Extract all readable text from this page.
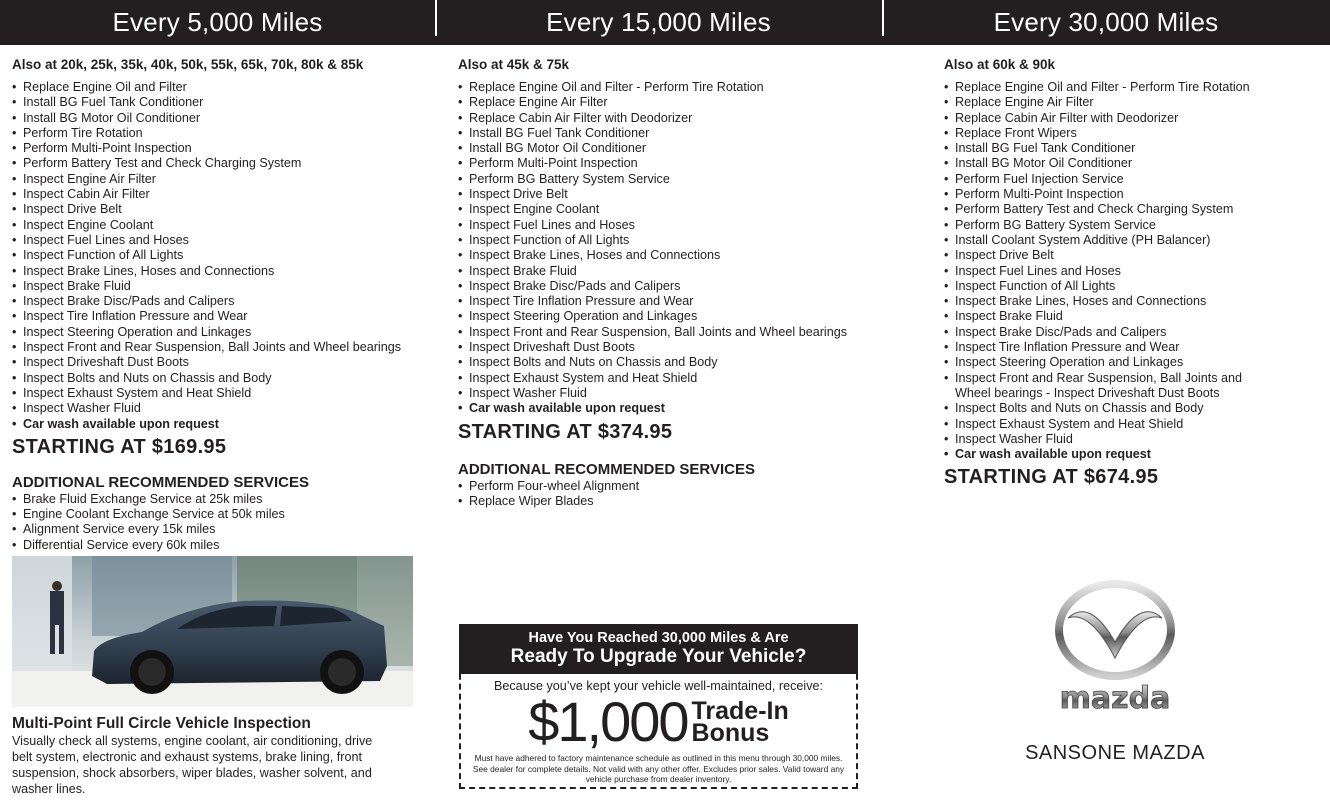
Every 5,000 Miles	Every 15,000 Miles	Every 30,000 Miles
Also at 20k, 25k, 35k, 40k, 50k, 55k, 65k, 70k, 80k & 85k
• Replace Engine Oil and Filter
• Install BG Fuel Tank Conditioner
• Install BG Motor Oil Conditioner
• Perform Tire Rotation
• Perform Multi-Point Inspection
• Perform Battery Test and Check Charging System
• Inspect Engine Air Filter
• Inspect Cabin Air Filter
• Inspect Drive Belt
• Inspect Engine Coolant
• Inspect Fuel Lines and Hoses
• Inspect Function of All Lights
• Inspect Brake Lines, Hoses and Connections
• Inspect Brake Fluid
• Inspect Brake Disc/Pads and Calipers
• Inspect Tire Inflation Pressure and Wear
• Inspect Steering Operation and Linkages
• Inspect Front and Rear Suspension, Ball Joints and Wheel bearings
• Inspect Driveshaft Dust Boots
• Inspect Bolts and Nuts on Chassis and Body
• Inspect Exhaust System and Heat Shield
• Inspect Washer Fluid
• Car wash available upon request
STARTING AT $169.95
ADDITIONAL RECOMMENDED SERVICES
• Brake Fluid Exchange Service at 25k miles
• Engine Coolant Exchange Service at 50k miles
• Alignment Service every 15k miles
• Differential Service every 60k miles
Multi-Point Full Circle Vehicle Inspection
Visually check all systems, engine coolant, air conditioning, drive belt system, electronic and exhaust systems, brake lining, front suspension, shock absorbers, wiper blades, washer solvent, and washer lines.
Also at 45k & 75k
• Replace Engine Oil and Filter - Perform Tire Rotation
• Replace Engine Air Filter
• Replace Cabin Air Filter with Deodorizer
• Install BG Fuel Tank Conditioner
• Install BG Motor Oil Conditioner
• Perform Multi-Point Inspection
• Perform BG Battery System Service
• Inspect Drive Belt
• Inspect Engine Coolant
• Inspect Fuel Lines and Hoses
• Inspect Function of All Lights
• Inspect Brake Lines, Hoses and Connections
• Inspect Brake Fluid
• Inspect Brake Disc/Pads and Calipers
• Inspect Tire Inflation Pressure and Wear
• Inspect Steering Operation and Linkages
• Inspect Front and Rear Suspension, Ball Joints and Wheel bearings
• Inspect Driveshaft Dust Boots
• Inspect Bolts and Nuts on Chassis and Body
• Inspect Exhaust System and Heat Shield
• Inspect Washer Fluid
• Car wash available upon request
STARTING AT $374.95
ADDITIONAL RECOMMENDED SERVICES
• Perform Four-wheel Alignment
• Replace Wiper Blades
Have You Reached 30,000 Miles & Are
Ready To Upgrade Your Vehicle?
Because you’ve kept your vehicle well-maintained, receive:
$1,000 Trade-In
Bonus
Must have adhered to factory maintenance schedule as outlined in this menu through 30,000 miles. See dealer for complete details. Not valid with any other offer. Excludes prior sales. Valid toward any vehicle purchase from dealer inventory.
Also at 60k & 90k
• Replace Engine Oil and Filter - Perform Tire Rotation
• Replace Engine Air Filter
• Replace Cabin Air Filter with Deodorizer
• Replace Front Wipers
• Install BG Fuel Tank Conditioner
• Install BG Motor Oil Conditioner
• Perform Fuel Injection Service
• Perform Multi-Point Inspection
• Perform Battery Test and Check Charging System
• Perform BG Battery System Service
• Install Coolant System Additive (PH Balancer)
• Inspect Drive Belt
• Inspect Fuel Lines and Hoses
• Inspect Function of All Lights
• Inspect Brake Lines, Hoses and Connections
• Inspect Brake Fluid
• Inspect Brake Disc/Pads and Calipers
• Inspect Tire Inflation Pressure and Wear
• Inspect Steering Operation and Linkages
• Inspect Front and Rear Suspension, Ball Joints and Wheel bearings - Inspect Driveshaft Dust Boots
• Inspect Bolts and Nuts on Chassis and Body
• Inspect Exhaust System and Heat Shield
• Inspect Washer Fluid
• Car wash available upon request
STARTING AT $674.95
mazda
SANSONE MAZDA
